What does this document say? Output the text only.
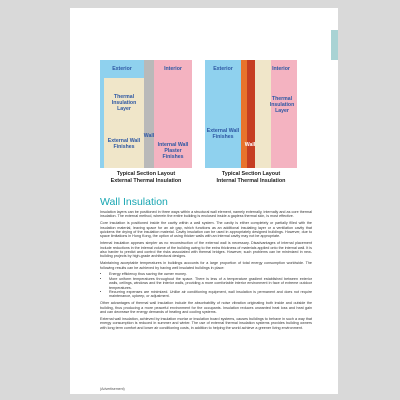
Exterior	Interior
Thermal Insulation Layer
External Wall Finishes
Wall
Internal Wall Plaster Finishes
Typical Section Layout
External Thermal Insulation
Exterior	Interior
Thermal Insulation Layer
External Wall Finishes
Wall
Typical Section Layout
Internal Thermal Insulation
Wall Insulation

Insulation layers can be positioned in three ways within a structural wall element, namely externally, internally and as core thermal insulation. The external method, wherein the entire building is enclosed inside a gapless thermal skin, is most effective.

Core insulation is positioned inside the cavity within a wall system. The cavity is either completely or partially filled with the insulation material, leaving space for an air gap, which functions as an additional insulating layer or a ventilation cavity that quickens the drying of the insulation material. Cavity insulation can be used in appropriately designed buildings. However, due to space limitations in Hong Kong, the option of using thicker walls with an internal cavity may not be appropriate.

Internal insulation appears simpler as no reconstruction of the external wall is necessary. Disadvantages of internal placement include reductions in the internal volume of the building owing to the extra thickness of materials applied onto the internal wall. It is also harder to predict and control the risks associated with thermal bridges. However, such problems can be minimized in new-building projects by high-grade architectural designs.

Maintaining acceptable temperatures in buildings accounts for a large proportion of total energy consumption worldwide. The following results can be achieved by having well insulated buildings in place:

• Energy efficiency thus saving the owner money.
• More uniform temperatures throughout the space. There is less of a temperature gradient established between exterior walls, ceilings, windows and the interior walls, providing a more comfortable interior environment in face of extreme outdoor temperatures.
• Recurring expenses are minimized. Unlike air conditioning equipment, wall insulation is permanent and does not require maintenance, upkeep, or adjustment.

Other advantages of thermal wall insulation include the absorbability of noise vibration originating both inside and outside the building, thus producing a more peaceful environment for the occupants. Insulation reduces unwanted heat loss and heat gain and can decrease the energy demands of heating and cooling systems.

External wall insulation, achieved by insulation mortar or insulation board systems, causes buildings to behave in such a way that energy consumption is reduced in summer and winter. The use of external thermal insulation systems provides building owners with long term comfort and lower air conditioning costs, in addition to helping the world achieve a greener living environment.

(Advertisement)
